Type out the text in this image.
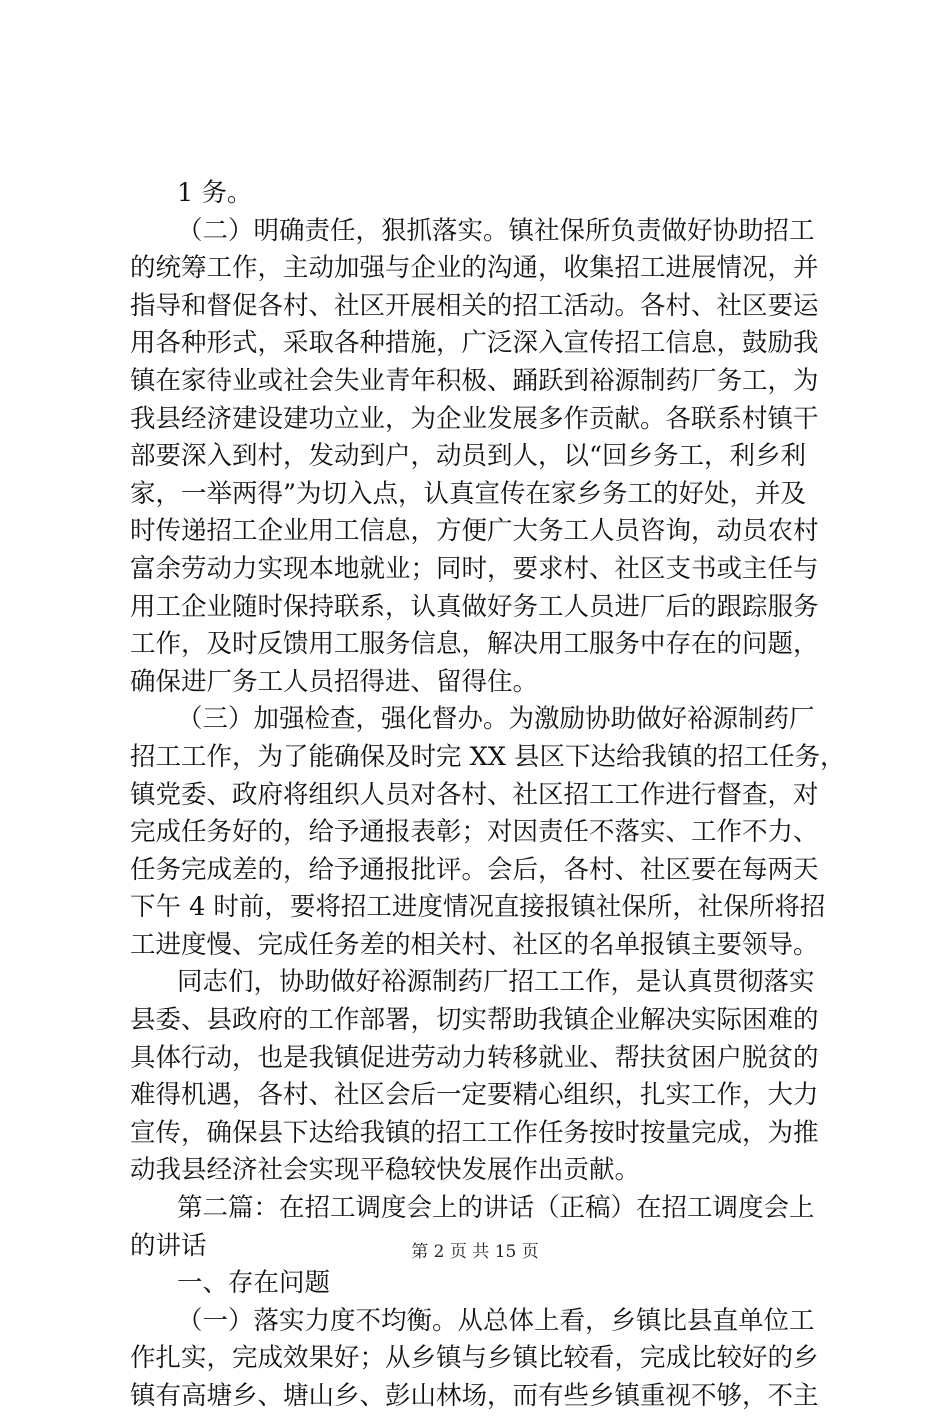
1 务。
（二）明确责任，狠抓落实。镇社保所负责做好协助招工
的统筹工作，主动加强与企业的沟通，收集招工进展情况，并
指导和督促各村、社区开展相关的招工活动。各村、社区要运
用各种形式，采取各种措施，广泛深入宣传招工信息，鼓励我
镇在家待业或社会失业青年积极、踊跃到裕源制药厂务工，为
我县经济建设建功立业，为企业发展多作贡献。各联系村镇干
部要深入到村，发动到户，动员到人，以“回乡务工，利乡利
家，一举两得”为切入点，认真宣传在家乡务工的好处，并及
时传递招工企业用工信息，方便广大务工人员咨询，动员农村
富余劳动力实现本地就业；同时，要求村、社区支书或主任与
用工企业随时保持联系，认真做好务工人员进厂后的跟踪服务
工作，及时反馈用工服务信息，解决用工服务中存在的问题，
确保进厂务工人员招得进、留得住。
（三）加强检查，强化督办。为激励协助做好裕源制药厂
招工工作，为了能确保及时完 XX 县区下达给我镇的招工任务，
镇党委、政府将组织人员对各村、社区招工工作进行督查，对
完成任务好的，给予通报表彰；对因责任不落实、工作不力、
任务完成差的，给予通报批评。会后，各村、社区要在每两天
下午 4 时前，要将招工进度情况直接报镇社保所，社保所将招
工进度慢、完成任务差的相关村、社区的名单报镇主要领导。
同志们，协助做好裕源制药厂招工工作，是认真贯彻落实
县委、县政府的工作部署，切实帮助我镇企业解决实际困难的
具体行动，也是我镇促进劳动力转移就业、帮扶贫困户脱贫的
难得机遇，各村、社区会后一定要精心组织，扎实工作，大力
宣传，确保县下达给我镇的招工工作任务按时按量完成，为推
动我县经济社会实现平稳较快发展作出贡献。
第二篇：在招工调度会上的讲话（正稿）在招工调度会上
的讲话
一、存在问题
（一）落实力度不均衡。从总体上看，乡镇比县直单位工
作扎实，完成效果好；从乡镇与乡镇比较看，完成比较好的乡
镇有高塘乡、塘山乡、彭山林场，而有些乡镇重视不够，不主
第 2 页 共 15 页
